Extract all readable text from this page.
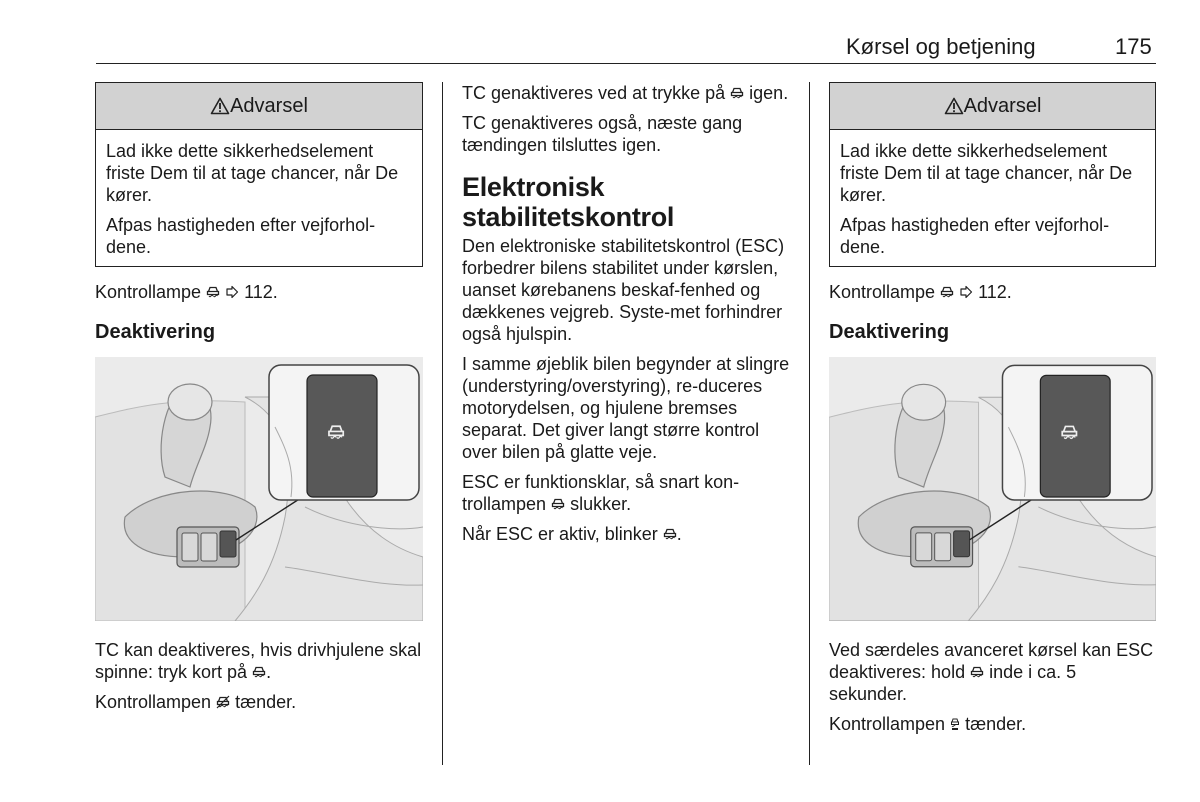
Kørsel og betjening	175
Advarsel

Lad ikke dette sikkerhedselement friste Dem til at tage chancer, når De kører.

Afpas hastigheden efter vejforhol-dene.

Kontrollampe 112.

Deaktivering

TC kan deaktiveres, hvis drivhjulene skal spinne: tryk kort på .

Kontrollampen tænder.

TC genaktiveres ved at trykke på igen.

TC genaktiveres også, næste gang tændingen tilsluttes igen.

Elektronisk stabilitetskontrol

Den elektroniske stabilitetskontrol (ESC) forbedrer bilens stabilitet under kørslen, uanset kørebanens beskaf-fenhed og dækkenes vejgreb. Syste-met forhindrer også hjulspin.

I samme øjeblik bilen begynder at slingre (understyring/overstyring), re-duceres motorydelsen, og hjulene bremses separat. Det giver langt større kontrol over bilen på glatte veje.

ESC er funktionsklar, så snart kon-trollampen slukker.

Når ESC er aktiv, blinker .

Advarsel

Lad ikke dette sikkerhedselement friste Dem til at tage chancer, når De kører.

Afpas hastigheden efter vejforhol-dene.

Kontrollampe 112.

Deaktivering

Ved særdeles avanceret kørsel kan ESC deaktiveres: hold inde i ca. 5 sekunder.

Kontrollampen tænder.
